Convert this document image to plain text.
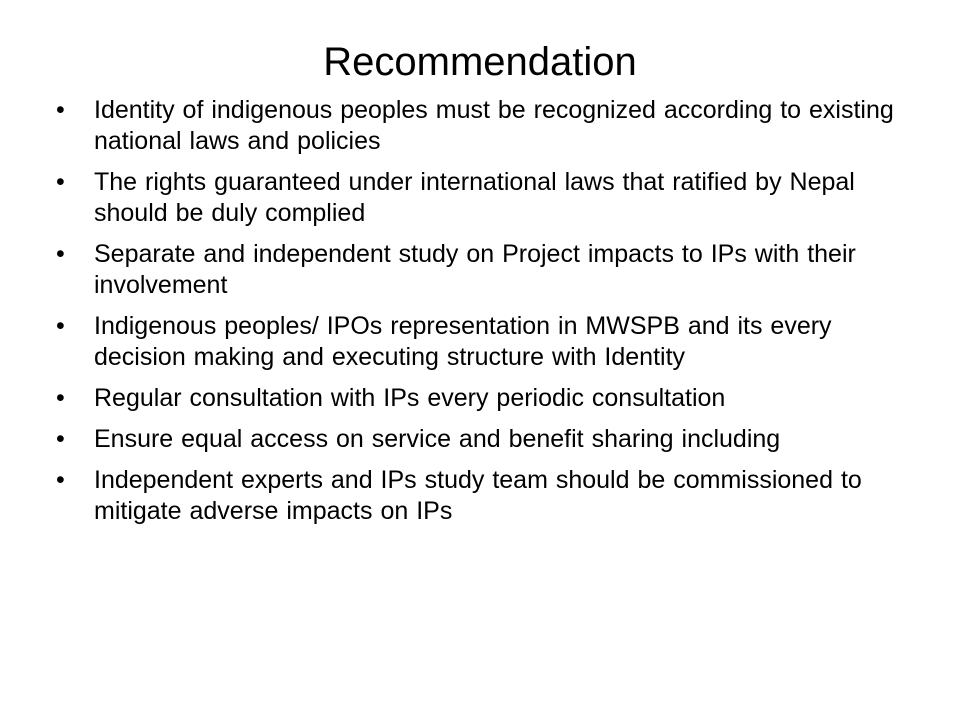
Recommendation
•	Identity of indigenous peoples must be recognized according to existing national laws and policies
•	The rights guaranteed under international laws that ratified by Nepal should be duly complied
•	Separate and independent study on Project impacts to IPs with their involvement
•	Indigenous peoples/ IPOs representation in MWSPB and its every decision making and executing structure with Identity
•	Regular consultation with IPs every periodic consultation
•	Ensure equal access on service and benefit sharing including
•	Independent experts and IPs study team should be commissioned to mitigate adverse impacts on IPs
